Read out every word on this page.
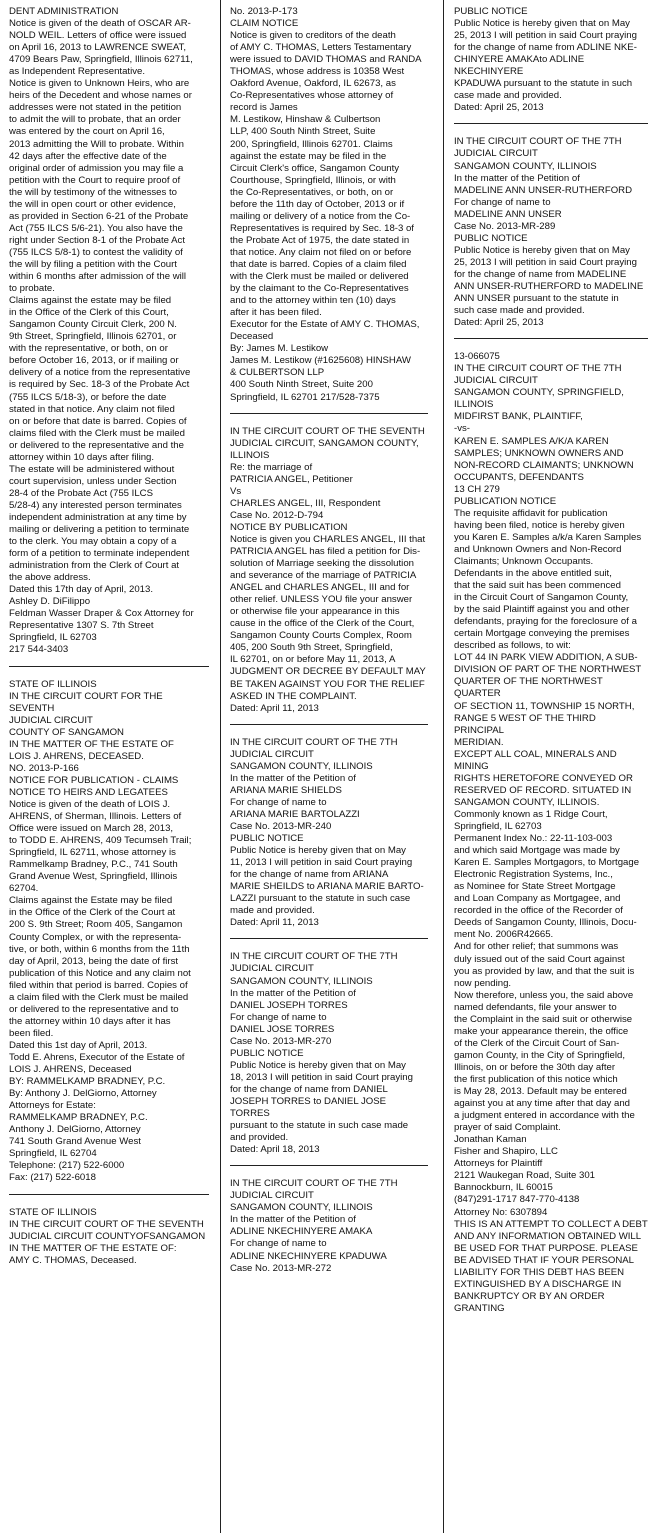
DENT ADMINISTRATION

Notice is given of the death of OSCAR AR-

NOLD WEIL. Letters of office were issued

on April 16, 2013 to LAWRENCE SWEAT,

4709 Bears Paw, Springfield, Illinois 62711,

as Independent Representative.

Notice is given to Unknown Heirs, who are

heirs of the Decedent and whose names or

addresses were not stated in the petition

to admit the will to probate, that an order

was entered by the court on April 16,

2013 admitting the Will to probate. Within

42 days after the effective date of the

original order of admission you may file a

petition with the Court to require proof of

the will by testimony of the witnesses to

the will in open court or other evidence,

as provided in Section 6-21 of the Probate

Act (755 ILCS 5/6-21). You also have the

right under Section 8-1 of the Probate Act

(755 ILCS 5/8-1) to contest the validity of

the will by filing a petition with the Court

within 6 months after admission of the will

to probate.

Claims against the estate may be filed

in the Office of the Clerk of this Court,

Sangamon County Circuit Clerk, 200 N.

9th Street, Springfield, Illinois 62701, or

with the representative, or both, on or

before October 16, 2013, or if mailing or

delivery of a notice from the representative

is required by Sec. 18-3 of the Probate Act

(755 ILCS 5/18-3), or before the date

stated in that notice. Any claim not filed

on or before that date is barred. Copies of

claims filed with the Clerk must be mailed

or delivered to the representative and the

attorney within 10 days after filing.

The estate will be administered without

court supervision, unless under Section

28-4 of the Probate Act (755 ILCS

5/28-4) any interested person terminates

independent administration at any time by

mailing or delivering a petition to terminate

to the clerk. You may obtain a copy of a

form of a petition to terminate independent

administration from the Clerk of Court at

the above address.

Dated this 17th day of April, 2013.

Ashley D. DiFilippo

Feldman Wasser Draper & Cox Attorney for

Representative 1307 S. 7th Street

Springfield, IL 62703

217 544-3403

STATE OF ILLINOIS

IN THE CIRCUIT COURT FOR THE SEVENTH

JUDICIAL CIRCUIT

COUNTY OF SANGAMON

IN THE MATTER OF THE ESTATE OF

LOIS J. AHRENS, DECEASED.

NO. 2013-P-166

NOTICE FOR PUBLICATION - CLAIMS

NOTICE TO HEIRS AND LEGATEES

Notice is given of the death of LOIS J.

AHRENS, of Sherman, Illinois. Letters of

Office were issued on March 28, 2013,

to TODD E. AHRENS, 409 Tecumseh Trail;

Springfield, IL 62711, whose attorney is

Rammelkamp Bradney, P.C., 741 South

Grand Avenue West, Springfield, Illinois

62704.

Claims against the Estate may be filed

in the Office of the Clerk of the Court at

200 S. 9th Street; Room 405, Sangamon

County Complex, or with the representa-

tive, or both, within 6 months from the 11th

day of April, 2013, being the date of first

publication of this Notice and any claim not

filed within that period is barred. Copies of

a claim filed with the Clerk must be mailed

or delivered to the representative and to

the attorney within 10 days after it has

been filed.

Dated this 1st day of April, 2013.

Todd E. Ahrens, Executor of the Estate of

LOIS J. AHRENS, Deceased

BY: RAMMELKAMP BRADNEY, P.C.

By: Anthony J. DelGiorno, Attorney

Attorneys for Estate:

RAMMELKAMP BRADNEY, P.C.

Anthony J. DelGiorno, Attorney

741 South Grand Avenue West

Springfield, IL 62704

Telephone: (217) 522-6000

Fax: (217) 522-6018

STATE OF ILLINOIS

IN THE CIRCUIT COURT OF THE SEVENTH

JUDICIAL CIRCUIT COUNTYOFSANGAMON

IN THE MATTER OF THE ESTATE OF:

AMY C. THOMAS, Deceased.

No. 2013-P-173

CLAIM NOTICE

Notice is given to creditors of the death

of AMY C. THOMAS, Letters Testamentary

were issued to DAVID THOMAS and RANDA

THOMAS, whose address is 10358 West

Oakford Avenue, Oakford, IL 62673, as

Co-Representatives whose attorney of

record is James

M. Lestikow, Hinshaw & Culbertson

LLP, 400 South Ninth Street, Suite

200, Springfield, Illinois 62701. Claims

against the estate may be filed in the

Circuit Clerk's office, Sangamon County

Courthouse, Springfield, Illinois, or with

the Co-Representatives, or both, on or

before the 11th day of October, 2013 or if

mailing or delivery of a notice from the Co-

Representatives is required by Sec. 18-3 of

the Probate Act of 1975, the date stated in

that notice. Any claim not filed on or before

that date is barred. Copies of a claim filed

with the Clerk must be mailed or delivered

by the claimant to the Co-Representatives

and to the attorney within ten (10) days

after it has been filed.

Executor for the Estate of AMY C. THOMAS,

Deceased

By: James M. Lestikow

James M. Lestikow (#1625608) HINSHAW

& CULBERTSON LLP

400 South Ninth Street, Suite 200

Springfield, IL 62701 217/528-7375

IN THE CIRCUIT COURT OF THE SEVENTH

JUDICIAL CIRCUIT, SANGAMON COUNTY,

ILLINOIS

Re: the marriage of

PATRICIA ANGEL, Petitioner

Vs

CHARLES ANGEL, III, Respondent

Case No. 2012-D-794

NOTICE BY PUBLICATION

Notice is given you CHARLES ANGEL, III that

PATRICIA ANGEL has filed a petition for Dis-

solution of Marriage seeking the dissolution

and severance of the marriage of PATRICIA

ANGEL and CHARLES ANGEL, III and for

other relief. UNLESS YOU file your answer

or otherwise file your appearance in this

cause in the office of the Clerk of the Court,

Sangamon County Courts Complex, Room

405, 200 South 9th Street, Springfield,

IL 62701, on or before May 11, 2013, A

JUDGMENT OR DECREE BY DEFAULT MAY

BE TAKEN AGAINST YOU FOR THE RELIEF

ASKED IN THE COMPLAINT.

Dated: April 11, 2013

IN THE CIRCUIT COURT OF THE 7TH

JUDICIAL CIRCUIT

SANGAMON COUNTY, ILLINOIS

In the matter of the Petition of

ARIANA MARIE SHIELDS

For change of name to

ARIANA MARIE BARTOLAZZI

Case No. 2013-MR-240

PUBLIC NOTICE

Public Notice is hereby given that on May

11, 2013 I will petition in said Court praying

for the change of name from ARIANA

MARIE SHEILDS to ARIANA MARIE BARTO-

LAZZI pursuant to the statute in such case

made and provided.

Dated: April 11, 2013

IN THE CIRCUIT COURT OF THE 7TH

JUDICIAL CIRCUIT

SANGAMON COUNTY, ILLINOIS

In the matter of the Petition of

DANIEL JOSEPH TORRES

For change of name to

DANIEL JOSE TORRES

Case No. 2013-MR-270

PUBLIC NOTICE

Public Notice is hereby given that on May

18, 2013 I will petition in said Court praying

for the change of name from DANIEL

JOSEPH TORRES to DANIEL JOSE TORRES

pursuant to the statute in such case made

and provided.

Dated: April 18, 2013

IN THE CIRCUIT COURT OF THE 7TH

JUDICIAL CIRCUIT

SANGAMON COUNTY, ILLINOIS

In the matter of the Petition of

ADLINE NKECHINYERE AMAKA

For change of name to

ADLINE NKECHINYERE KPADUWA

Case No. 2013-MR-272

PUBLIC NOTICE

Public Notice is hereby given that on May

25, 2013 I will petition in said Court praying

for the change of name from ADLINE NKE-

CHINYERE AMAKAto ADLINE NKECHINYERE

KPADUWA pursuant to the statute in such

case made and provided.

Dated: April 25, 2013

IN THE CIRCUIT COURT OF THE 7TH

JUDICIAL CIRCUIT

SANGAMON COUNTY, ILLINOIS

In the matter of the Petition of

MADELINE ANN UNSER-RUTHERFORD

For change of name to

MADELINE ANN UNSER

Case No. 2013-MR-289

PUBLIC NOTICE

Public Notice is hereby given that on May

25, 2013 I will petition in said Court praying

for the change of name from MADELINE

ANN UNSER-RUTHERFORD to MADELINE

ANN UNSER pursuant to the statute in

such case made and provided.

Dated: April 25, 2013

13-066075

IN THE CIRCUIT COURT OF THE 7TH

JUDICIAL CIRCUIT

SANGAMON COUNTY, SPRINGFIELD,

ILLINOIS

MIDFIRST BANK, PLAINTIFF,

-vs-

KAREN E. SAMPLES A/K/A KAREN

SAMPLES; UNKNOWN OWNERS AND

NON-RECORD CLAIMANTS; UNKNOWN

OCCUPANTS, DEFENDANTS

13 CH 279

PUBLICATION NOTICE

The requisite affidavit for publication

having been filed, notice is hereby given

you Karen E. Samples a/k/a Karen Samples

and Unknown Owners and Non-Record

Claimants; Unknown Occupants.

Defendants in the above entitled suit,

that the said suit has been commenced

in the Circuit Court of Sangamon County,

by the said Plaintiff against you and other

defendants, praying for the foreclosure of a

certain Mortgage conveying the premises

described as follows, to wit:

LOT 44 IN PARK VIEW ADDITION, A SUB-

DIVISION OF PART OF THE NORTHWEST

QUARTER OF THE NORTHWEST QUARTER

OF SECTION 11, TOWNSHIP 15 NORTH,

RANGE 5 WEST OF THE THIRD PRINCIPAL

MERIDIAN.

EXCEPT ALL COAL, MINERALS AND MINING

RIGHTS HERETOFORE CONVEYED OR

RESERVED OF RECORD. SITUATED IN

SANGAMON COUNTY, ILLINOIS.

Commonly known as 1 Ridge Court,

Springfield, IL 62703

Permanent Index No.: 22-11-103-003

and which said Mortgage was made by

Karen E. Samples Mortgagors, to Mortgage

Electronic Registration Systems, Inc.,

as Nominee for State Street Mortgage

and Loan Company as Mortgagee, and

recorded in the office of the Recorder of

Deeds of Sangamon County, Illinois, Docu-

ment No. 2006R42665.

And for other relief; that summons was

duly issued out of the said Court against

you as provided by law, and that the suit is

now pending.

Now therefore, unless you, the said above

named defendants, file your answer to

the Complaint in the said suit or otherwise

make your appearance therein, the office

of the Clerk of the Circuit Court of San-

gamon County, in the City of Springfield,

Illinois, on or before the 30th day after

the first publication of this notice which

is May 28, 2013. Default may be entered

against you at any time after that day and

a judgment entered in accordance with the

prayer of said Complaint.

Jonathan Kaman

Fisher and Shapiro, LLC

Attorneys for Plaintiff

2121 Waukegan Road, Suite 301

Bannockburn, IL 60015

(847)291-1717 847-770-4138

Attorney No: 6307894

THIS IS AN ATTEMPT TO COLLECT A DEBT

AND ANY INFORMATION OBTAINED WILL

BE USED FOR THAT PURPOSE. PLEASE

BE ADVISED THAT IF YOUR PERSONAL

LIABILITY FOR THIS DEBT HAS BEEN

EXTINGUISHED BY A DISCHARGE IN

BANKRUPTCY OR BY AN ORDER GRANTING
